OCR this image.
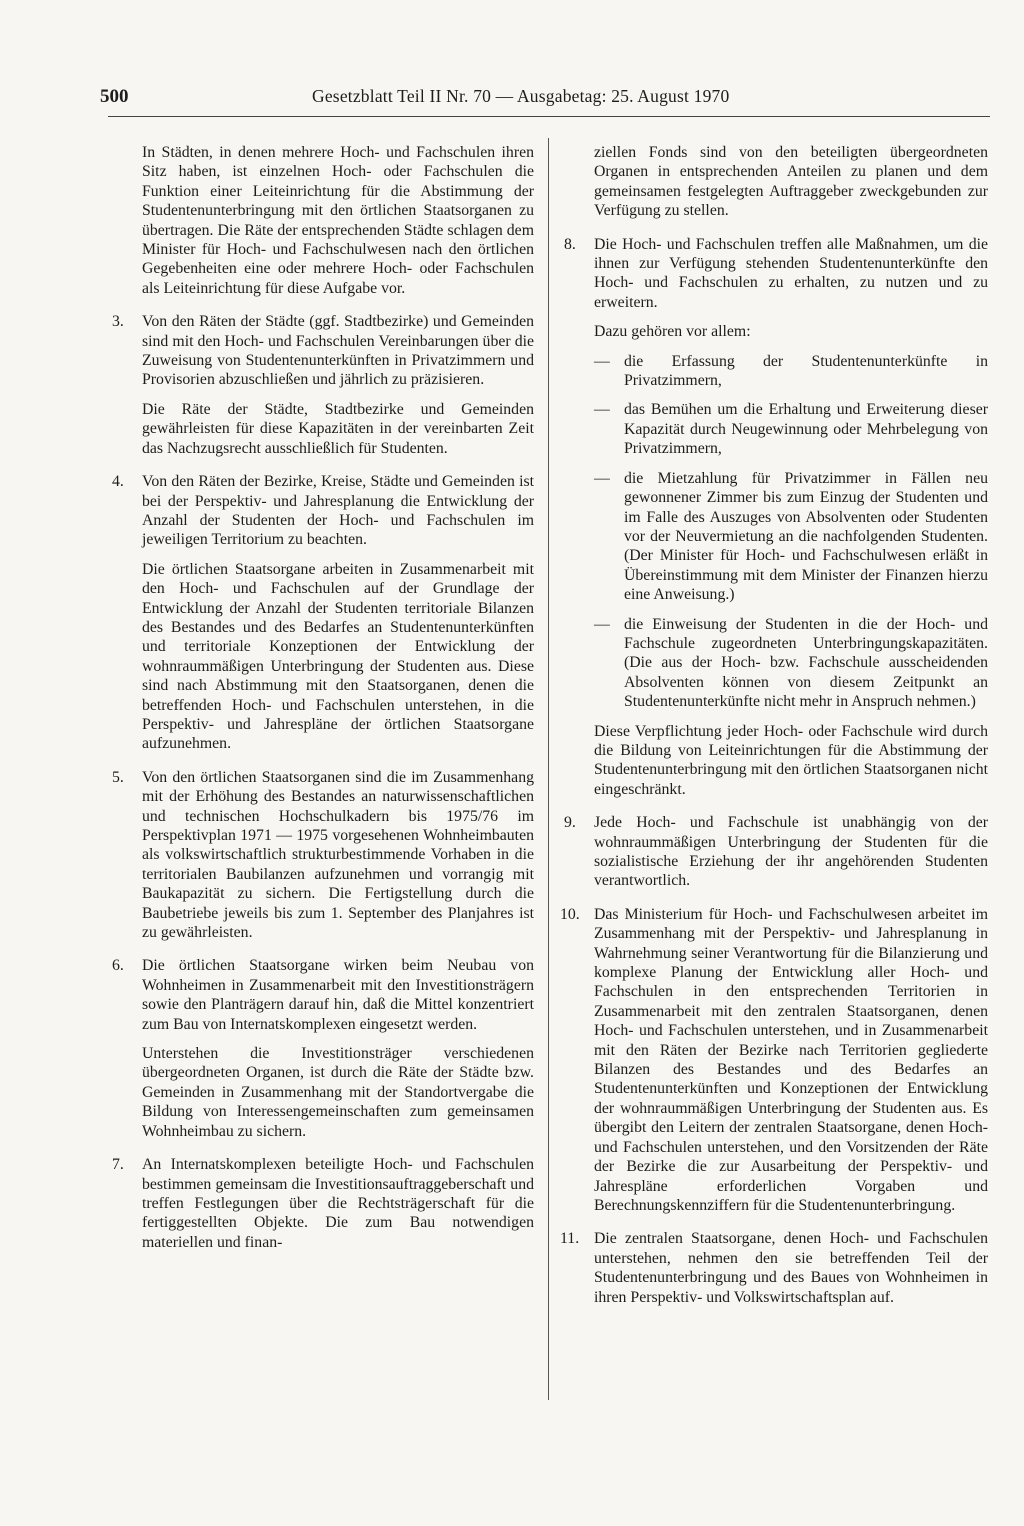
500	Gesetzblatt Teil II Nr. 70 — Ausgabetag: 25. August 1970

In Städten, in denen mehrere Hoch- und Fachschulen ihren Sitz haben, ist einzelnen Hoch- oder Fachschulen die Funktion einer Leiteinrichtung für die Abstimmung der Studentenunterbringung mit den örtlichen Staatsorganen zu übertragen. Die Räte der entsprechenden Städte schlagen dem Minister für Hoch- und Fachschulwesen nach den örtlichen Gegebenheiten eine oder mehrere Hoch- oder Fachschulen als Leiteinrichtung für diese Aufgabe vor.

3. Von den Räten der Städte (ggf. Stadtbezirke) und Gemeinden sind mit den Hoch- und Fachschulen Vereinbarungen über die Zuweisung von Studentenunterkünften in Privatzimmern und Provisorien abzuschließen und jährlich zu präzisieren.

Die Räte der Städte, Stadtbezirke und Gemeinden gewährleisten für diese Kapazitäten in der vereinbarten Zeit das Nachzugsrecht ausschließlich für Studenten.

4. Von den Räten der Bezirke, Kreise, Städte und Gemeinden ist bei der Perspektiv- und Jahresplanung die Entwicklung der Anzahl der Studenten der Hoch- und Fachschulen im jeweiligen Territorium zu beachten.

Die örtlichen Staatsorgane arbeiten in Zusammenarbeit mit den Hoch- und Fachschulen auf der Grundlage der Entwicklung der Anzahl der Studenten territoriale Bilanzen des Bestandes und des Bedarfes an Studentenunterkünften und territoriale Konzeptionen der Entwicklung der wohnraummäßigen Unterbringung der Studenten aus. Diese sind nach Abstimmung mit den Staatsorganen, denen die betreffenden Hoch- und Fachschulen unterstehen, in die Perspektiv- und Jahrespläne der örtlichen Staatsorgane aufzunehmen.

5. Von den örtlichen Staatsorganen sind die im Zusammenhang mit der Erhöhung des Bestandes an naturwissenschaftlichen und technischen Hochschulkadern bis 1975/76 im Perspektivplan 1971 — 1975 vorgesehenen Wohnheimbauten als volkswirtschaftlich strukturbestimmende Vorhaben in die territorialen Baubilanzen aufzunehmen und vorrangig mit Baukapazität zu sichern. Die Fertigstellung durch die Baubetriebe jeweils bis zum 1. September des Planjahres ist zu gewährleisten.

6. Die örtlichen Staatsorgane wirken beim Neubau von Wohnheimen in Zusammenarbeit mit den Investitionsträgern sowie den Planträgern darauf hin, daß die Mittel konzentriert zum Bau von Internatskomplexen eingesetzt werden.

Unterstehen die Investitionsträger verschiedenen übergeordneten Organen, ist durch die Räte der Städte bzw. Gemeinden in Zusammenhang mit der Standortvergabe die Bildung von Interessengemeinschaften zum gemeinsamen Wohnheimbau zu sichern.

7. An Internatskomplexen beteiligte Hoch- und Fachschulen bestimmen gemeinsam die Investitionsauftraggeberschaft und treffen Festlegungen über die Rechtsträgerschaft für die fertiggestellten Objekte. Die zum Bau notwendigen materiellen und finan-

ziellen Fonds sind von den beteiligten übergeordneten Organen in entsprechenden Anteilen zu planen und dem gemeinsamen festgelegten Auftraggeber zweckgebunden zur Verfügung zu stellen.

8. Die Hoch- und Fachschulen treffen alle Maßnahmen, um die ihnen zur Verfügung stehenden Studentenunterkünfte den Hoch- und Fachschulen zu erhalten, zu nutzen und zu erweitern.

Dazu gehören vor allem:

— die Erfassung der Studentenunterkünfte in Privatzimmern,
— das Bemühen um die Erhaltung und Erweiterung dieser Kapazität durch Neugewinnung oder Mehrbelegung von Privatzimmern,
— die Mietzahlung für Privatzimmer in Fällen neu gewonnener Zimmer bis zum Einzug der Studenten und im Falle des Auszuges von Absolventen oder Studenten vor der Neuvermietung an die nachfolgenden Studenten. (Der Minister für Hoch- und Fachschulwesen erläßt in Übereinstimmung mit dem Minister der Finanzen hierzu eine Anweisung.)
— die Einweisung der Studenten in die der Hoch- und Fachschule zugeordneten Unterbringungskapazitäten. (Die aus der Hoch- bzw. Fachschule ausscheidenden Absolventen können von diesem Zeitpunkt an Studentenunterkünfte nicht mehr in Anspruch nehmen.)

Diese Verpflichtung jeder Hoch- oder Fachschule wird durch die Bildung von Leiteinrichtungen für die Abstimmung der Studentenunterbringung mit den örtlichen Staatsorganen nicht eingeschränkt.

9. Jede Hoch- und Fachschule ist unabhängig von der wohnraummäßigen Unterbringung der Studenten für die sozialistische Erziehung der ihr angehörenden Studenten verantwortlich.

10. Das Ministerium für Hoch- und Fachschulwesen arbeitet im Zusammenhang mit der Perspektiv- und Jahresplanung in Wahrnehmung seiner Verantwortung für die Bilanzierung und komplexe Planung der Entwicklung aller Hoch- und Fachschulen in den entsprechenden Territorien in Zusammenarbeit mit den zentralen Staatsorganen, denen Hoch- und Fachschulen unterstehen, und in Zusammenarbeit mit den Räten der Bezirke nach Territorien gegliederte Bilanzen des Bestandes und des Bedarfes an Studentenunterkünften und Konzeptionen der Entwicklung der wohnraummäßigen Unterbringung der Studenten aus. Es übergibt den Leitern der zentralen Staatsorgane, denen Hoch- und Fachschulen unterstehen, und den Vorsitzenden der Räte der Bezirke die zur Ausarbeitung der Perspektiv- und Jahrespläne erforderlichen Vorgaben und Berechnungskennziffern für die Studentenunterbringung.

11. Die zentralen Staatsorgane, denen Hoch- und Fachschulen unterstehen, nehmen den sie betreffenden Teil der Studentenunterbringung und des Baues von Wohnheimen in ihren Perspektiv- und Volkswirtschaftsplan auf.
